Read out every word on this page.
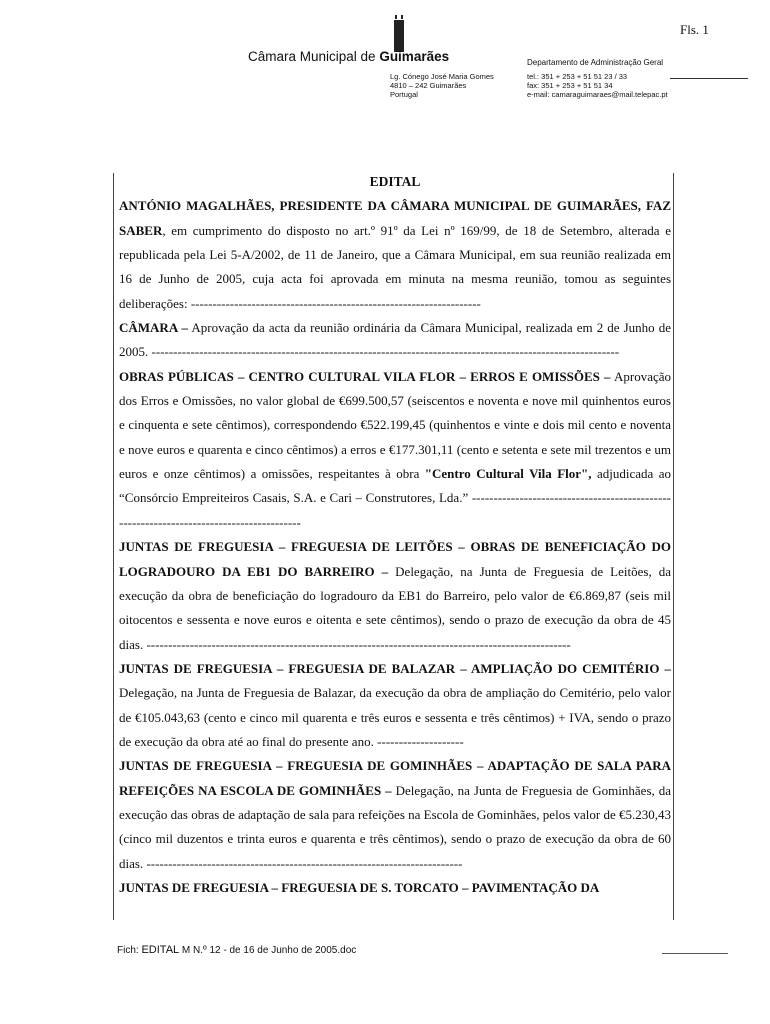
Fls. 1
Câmara Municipal de Guimarães
Lg. Cónego José Maria Gomes
4810 – 242 Guimarães
Portugal
Departamento de Administração Geral
tel.: 351 + 253 + 51 51 23 / 33
fax: 351 + 253 + 51 51 34
e-mail: camaraguimaraes@mail.telepac.pt
EDITAL

ANTÓNIO MAGALHÃES, PRESIDENTE DA CÂMARA MUNICIPAL DE GUIMARÃES, FAZ SABER, em cumprimento do disposto no art.º 91º da Lei nº 169/99, de 18 de Setembro, alterada e republicada pela Lei 5-A/2002, de 11 de Janeiro, que a Câmara Municipal, em sua reunião realizada em 16 de Junho de 2005, cuja acta foi aprovada em minuta na mesma reunião, tomou as seguintes deliberações: -------------------------------------------------------------------

CÂMARA – Aprovação da acta da reunião ordinária da Câmara Municipal, realizada em 2 de Junho de 2005. ------------------------------------------------------------------------------------------------------------

OBRAS PÚBLICAS – CENTRO CULTURAL VILA FLOR – ERROS E OMISSÕES – Aprovação dos Erros e Omissões, no valor global de €699.500,57 (seiscentos e noventa e nove mil quinhentos euros e cinquenta e sete cêntimos), correspondendo €522.199,45 (quinhentos e vinte e dois mil cento e noventa e nove euros e quarenta e cinco cêntimos) a erros e €177.301,11 (cento e setenta e sete mil trezentos e um euros e onze cêntimos) a omissões, respeitantes à obra "Centro Cultural Vila Flor", adjudicada ao “Consórcio Empreiteiros Casais, S.A. e Cari – Construtores, Lda.” ----------------------------------------------------------------------------------------

JUNTAS DE FREGUESIA – FREGUESIA DE LEITÕES – OBRAS DE BENEFICIAÇÃO DO LOGRADOURO DA EB1 DO BARREIRO – Delegação, na Junta de Freguesia de Leitões, da execução da obra de beneficiação do logradouro da EB1 do Barreiro, pelo valor de €6.869,87 (seis mil oitocentos e sessenta e nove euros e oitenta e sete cêntimos), sendo o prazo de execução da obra de 45 dias. --------------------------------------------------------------------------------------------------

JUNTAS DE FREGUESIA – FREGUESIA DE BALAZAR – AMPLIAÇÃO DO CEMITÉRIO – Delegação, na Junta de Freguesia de Balazar, da execução da obra de ampliação do Cemitério, pelo valor de €105.043,63 (cento e cinco mil quarenta e três euros e sessenta e três cêntimos) + IVA, sendo o prazo de execução da obra até ao final do presente ano. --------------------

JUNTAS DE FREGUESIA – FREGUESIA DE GOMINHÃES – ADAPTAÇÃO DE SALA PARA REFEIÇÕES NA ESCOLA DE GOMINHÃES – Delegação, na Junta de Freguesia de Gominhães, da execução das obras de adaptação de sala para refeições na Escola de Gominhães, pelos valor de €5.230,43 (cinco mil duzentos e trinta euros e quarenta e três cêntimos), sendo o prazo de execução da obra de 60 dias. -------------------------------------------------------------------------

JUNTAS DE FREGUESIA – FREGUESIA DE S. TORCATO – PAVIMENTAÇÃO DA

Fich: EDITAL M N.º 12 - de 16 de Junho de 2005.doc
